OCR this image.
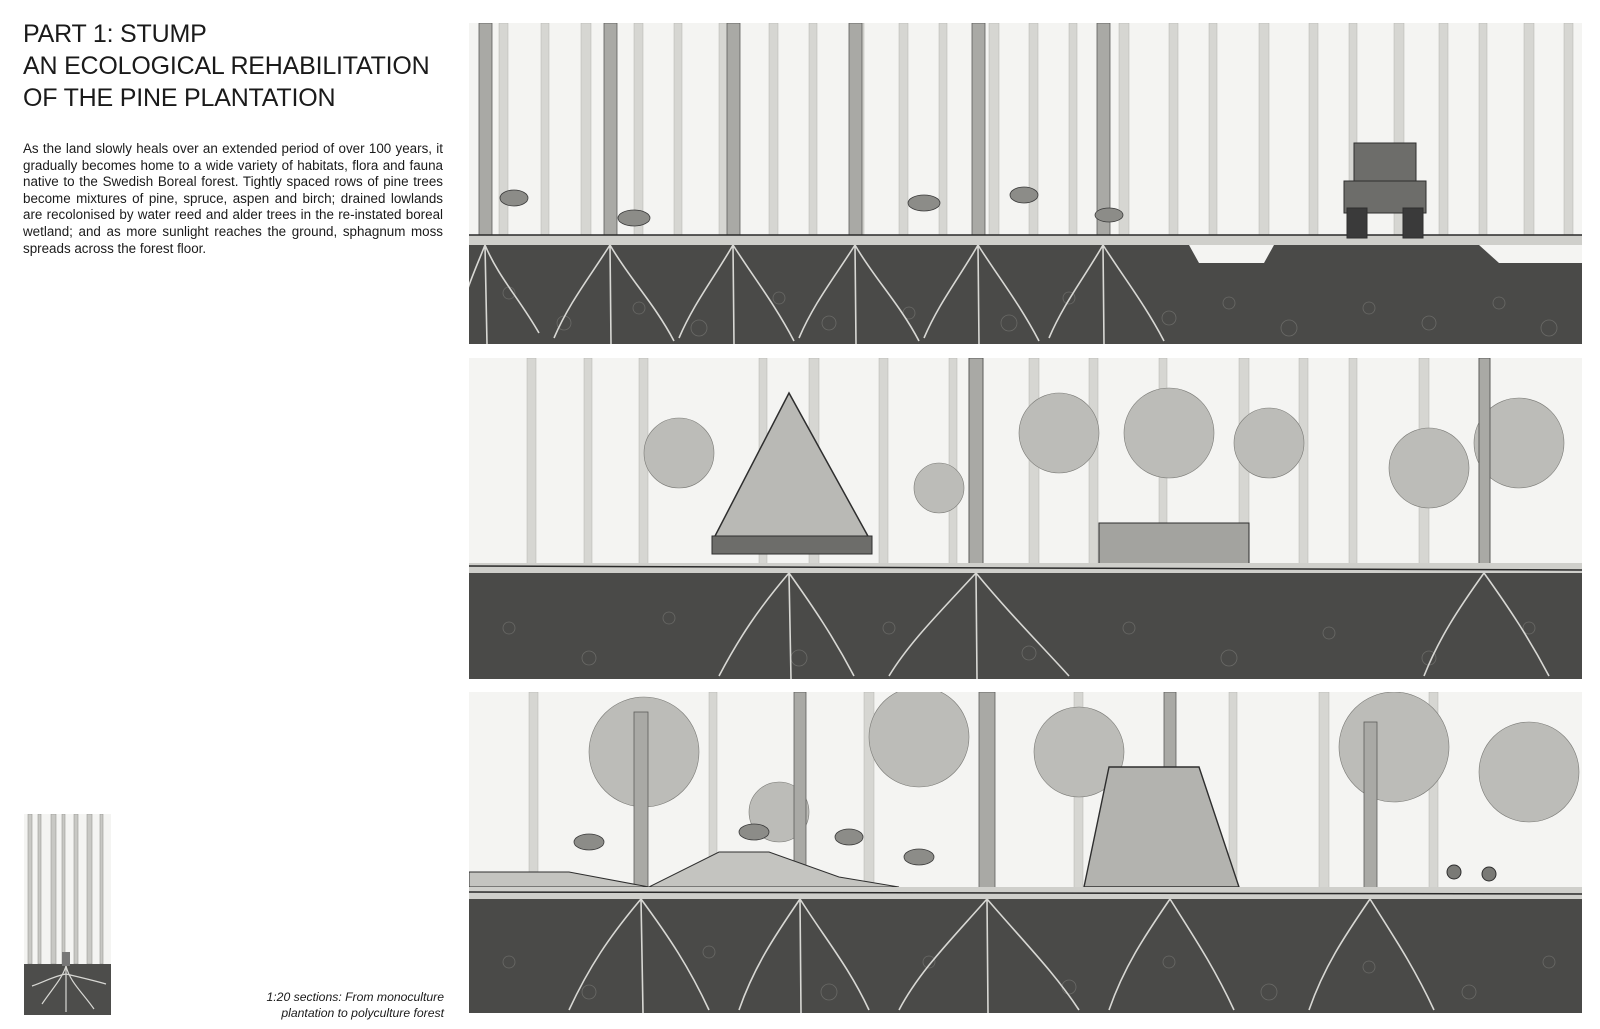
PART 1: STUMP
AN ECOLOGICAL REHABILITATION
OF THE PINE PLANTATION

As the land slowly heals over an extended period of over 100 years, it gradually becomes home to a wide variety of habitats, flora and fauna native to the Swedish Boreal forest. Tightly spaced rows of pine trees become mixtures of pine, spruce, aspen and birch; drained lowlands are recolonised by water reed and alder trees in the re-instated boreal wetland; and as more sunlight reaches the ground, sphagnum moss spreads across the forest floor.

1:20 sections: From monoculture
plantation to polyculture forest
